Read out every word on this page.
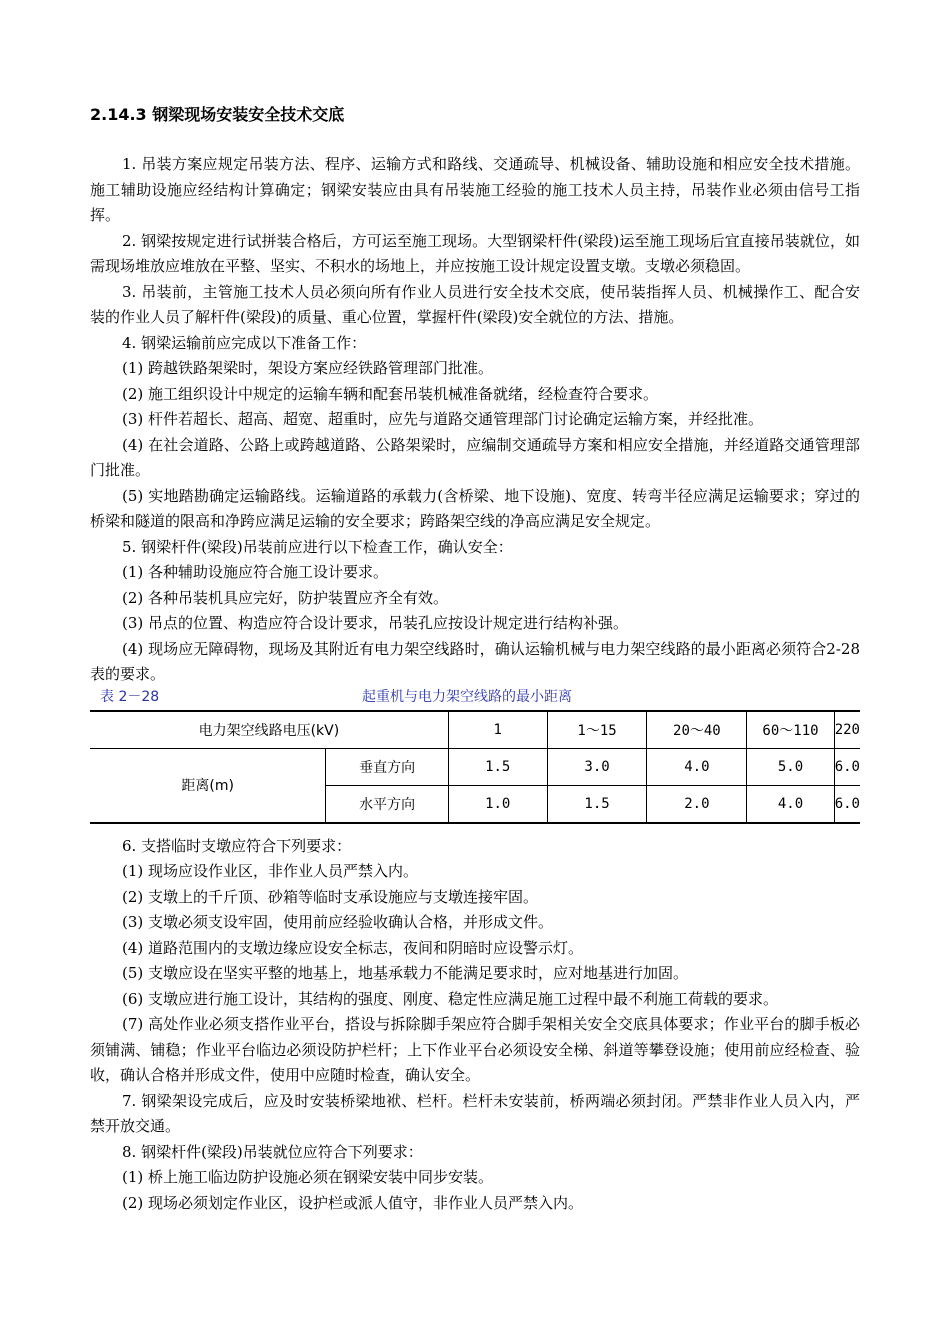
2.14.3 钢梁现场安装安全技术交底

1. 吊装方案应规定吊装方法、程序、运输方式和路线、交通疏导、机械设备、辅助设施和相应安全技术措施。施工辅助设施应经结构计算确定；钢梁安装应由具有吊装施工经验的施工技术人员主持，吊装作业必须由信号工指挥。

2. 钢梁按规定进行试拼装合格后，方可运至施工现场。大型钢梁杆件(梁段)运至施工现场后宜直接吊装就位，如需现场堆放应堆放在平整、坚实、不积水的场地上，并应按施工设计规定设置支墩。支墩必须稳固。

3. 吊装前，主管施工技术人员必须向所有作业人员进行安全技术交底，使吊装指挥人员、机械操作工、配合安装的作业人员了解杆件(梁段)的质量、重心位置，掌握杆件(梁段)安全就位的方法、措施。

4. 钢梁运输前应完成以下准备工作：

(1) 跨越铁路架梁时，架设方案应经铁路管理部门批准。

(2) 施工组织设计中规定的运输车辆和配套吊装机械准备就绪，经检查符合要求。

(3) 杆件若超长、超高、超宽、超重时，应先与道路交通管理部门讨论确定运输方案，并经批准。

(4) 在社会道路、公路上或跨越道路、公路架梁时，应编制交通疏导方案和相应安全措施，并经道路交通管理部门批准。

(5) 实地踏勘确定运输路线。运输道路的承载力(含桥梁、地下设施)、宽度、转弯半径应满足运输要求；穿过的桥梁和隧道的限高和净跨应满足运输的安全要求；跨路架空线的净高应满足安全规定。

5. 钢梁杆件(梁段)吊装前应进行以下检查工作，确认安全：

(1) 各种辅助设施应符合施工设计要求。

(2) 各种吊装机具应完好，防护装置应齐全有效。

(3) 吊点的位置、构造应符合设计要求，吊装孔应按设计规定进行结构补强。

(4) 现场应无障碍物，现场及其附近有电力架空线路时，确认运输机械与电力架空线路的最小距离必须符合2-28表的要求。

表 2－28	起重机与电力架空线路的最小距离
电力架空线路电压(kV)		1	1～15	20～40	60～110	220
距离(m)	垂直方向	1.5	3.0	4.0	5.0	6.0
	水平方向	1.0	1.5	2.0	4.0	6.0

6. 支搭临时支墩应符合下列要求：

(1) 现场应设作业区，非作业人员严禁入内。

(2) 支墩上的千斤顶、砂箱等临时支承设施应与支墩连接牢固。

(3) 支墩必须支设牢固，使用前应经验收确认合格，并形成文件。

(4) 道路范围内的支墩边缘应设安全标志，夜间和阴暗时应设警示灯。

(5) 支墩应设在坚实平整的地基上，地基承载力不能满足要求时，应对地基进行加固。

(6) 支墩应进行施工设计，其结构的强度、刚度、稳定性应满足施工过程中最不利施工荷载的要求。

(7) 高处作业必须支搭作业平台，搭设与拆除脚手架应符合脚手架相关安全交底具体要求；作业平台的脚手板必须铺满、铺稳；作业平台临边必须设防护栏杆；上下作业平台必须设安全梯、斜道等攀登设施；使用前应经检查、验收，确认合格并形成文件，使用中应随时检查，确认安全。

7. 钢梁架设完成后，应及时安装桥梁地袱、栏杆。栏杆未安装前，桥两端必须封闭。严禁非作业人员入内，严禁开放交通。

8. 钢梁杆件(梁段)吊装就位应符合下列要求：

(1) 桥上施工临边防护设施必须在钢梁安装中同步安装。

(2) 现场必须划定作业区，设护栏或派人值守，非作业人员严禁入内。
